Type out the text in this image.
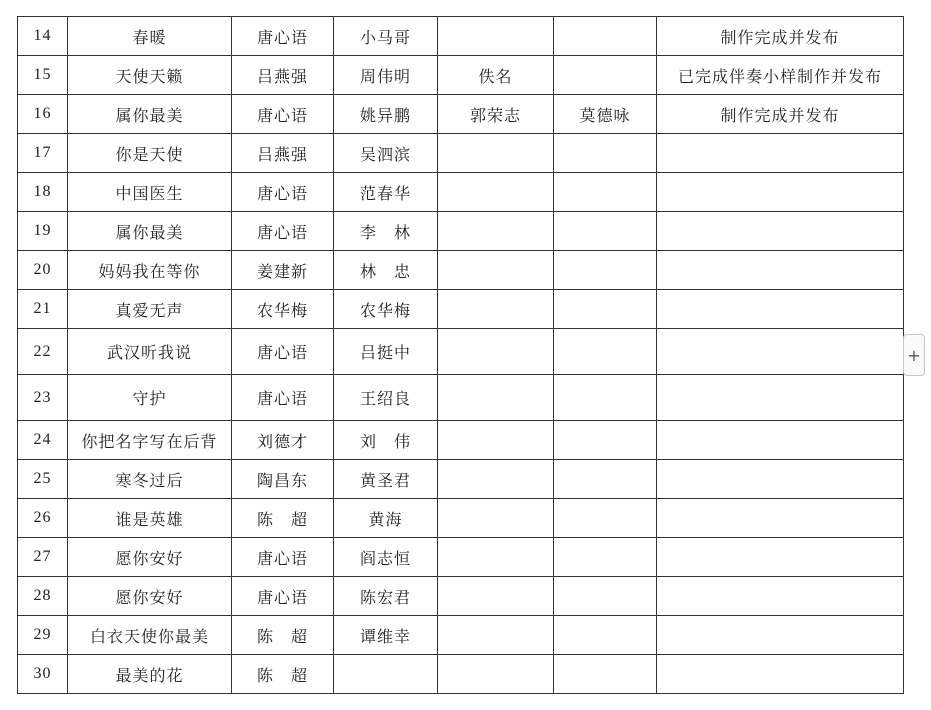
14	春暖	唐心语	小马哥			制作完成并发布
15	天使天籁	吕燕强	周伟明	佚名		已完成伴奏小样制作并发布
16	属你最美	唐心语	姚异鹏	郭荣志	莫德咏	制作完成并发布
17	你是天使	吕燕强	吴泗滨			
18	中国医生	唐心语	范春华			
19	属你最美	唐心语	李　林			
20	妈妈我在等你	姜建新	林　忠			
21	真爱无声	农华梅	农华梅			
22	武汉听我说	唐心语	吕挺中			
23	守护	唐心语	王绍良			
24	你把名字写在后背	刘德才	刘　伟			
25	寒冬过后	陶昌东	黄圣君			
26	谁是英雄	陈　超	黄海			
27	愿你安好	唐心语	阎志恒			
28	愿你安好	唐心语	陈宏君			
29	白衣天使你最美	陈　超	谭维幸			
30	最美的花	陈　超				
+
